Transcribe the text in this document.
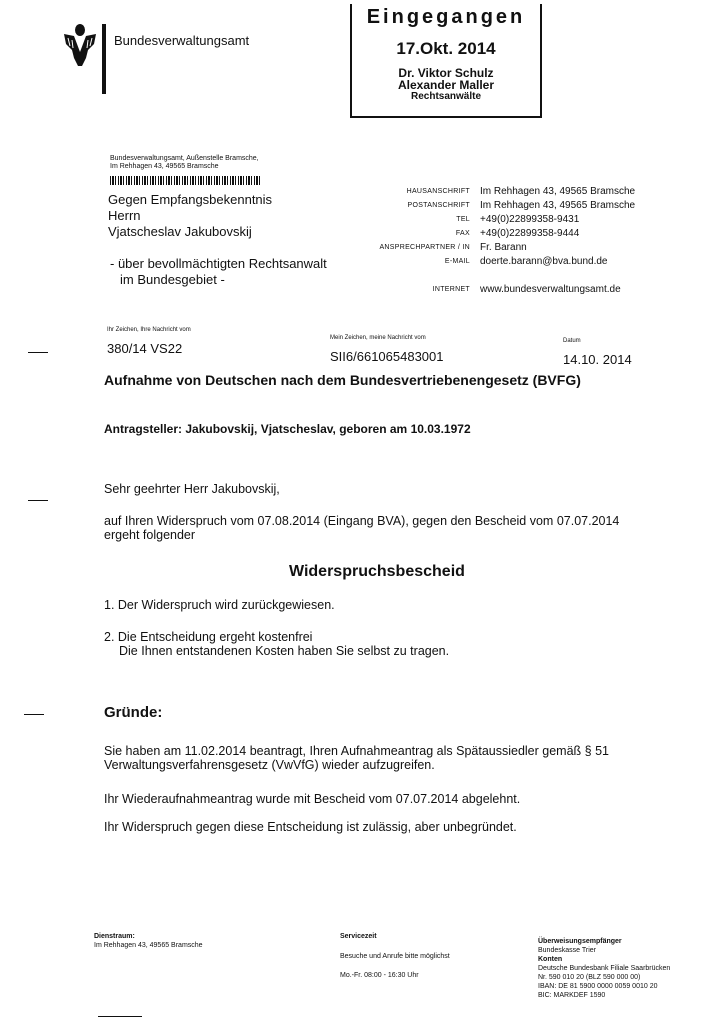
Bundesverwaltungsamt
Eingegangen
17.Okt. 2014
Dr. Viktor Schulz
Alexander Maller
Rechtsanwälte
Bundesverwaltungsamt, Außenstelle Bramsche,
Im Rehhagen 43, 49565 Bramsche
Gegen Empfangsbekenntnis
Herrn
Vjatscheslav Jakubovskij
- über bevollmächtigten Rechtsanwalt
im Bundesgebiet -
HAUSANSCHRIFT	Im Rehhagen 43, 49565 Bramsche
POSTANSCHRIFT	Im Rehhagen 43, 49565 Bramsche
TEL	+49(0)22899358-9431
FAX	+49(0)22899358-9444
ANSPRECHPARTNER / IN	Fr. Barann
E-MAIL	doerte.barann@bva.bund.de

INTERNET	www.bundesverwaltungsamt.de
Ihr Zeichen, Ihre Nachricht vom
380/14 VS22
Mein Zeichen, meine Nachricht vom
SII6/661065483001
Datum
14.10. 2014
Aufnahme von Deutschen nach dem Bundesvertriebenengesetz (BVFG)
Antragsteller: Jakubovskij, Vjatscheslav, geboren am 10.03.1972
Sehr geehrter Herr Jakubovskij,
auf Ihren Widerspruch vom 07.08.2014 (Eingang BVA), gegen den Bescheid vom 07.07.2014
ergeht folgender
Widerspruchsbescheid
1. Der Widerspruch wird zurückgewiesen.
2. Die Entscheidung ergeht kostenfrei
Die Ihnen entstandenen Kosten haben Sie selbst zu tragen.
Gründe:
Sie haben am 11.02.2014 beantragt, Ihren Aufnahmeantrag als Spätaussiedler gemäß § 51
Verwaltungsverfahrensgesetz (VwVfG) wieder aufzugreifen.
Ihr Wiederaufnahmeantrag wurde mit Bescheid vom 07.07.2014 abgelehnt.
Ihr Widerspruch gegen diese Entscheidung ist zulässig, aber unbegründet.
Dienstraum:
Im Rehhagen 43, 49565 Bramsche
Servicezeit
Besuche und Anrufe bitte möglichst
Mo.-Fr. 08:00 - 16:30 Uhr
Überweisungsempfänger
Bundeskasse Trier
Konten
Deutsche Bundesbank Filiale Saarbrücken
Nr. 590 010 20 (BLZ 590 000 00)
IBAN: DE 81 5900 0000 0059 0010 20
BIC: MARKDEF 1590
